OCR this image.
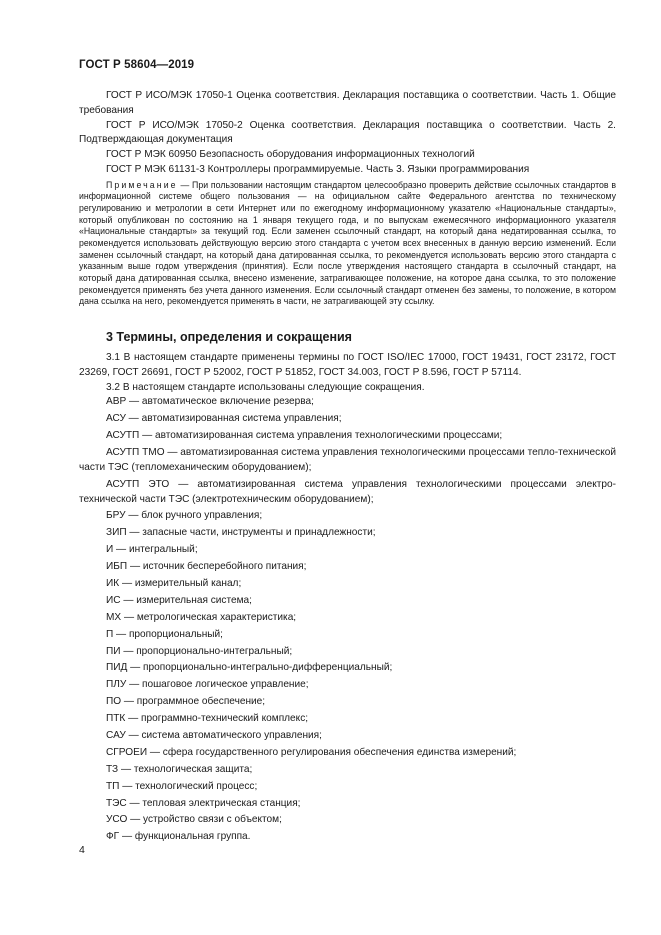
ГОСТ Р 58604—2019

ГОСТ Р ИСО/МЭК 17050-1 Оценка соответствия. Декларация поставщика о соответствии. Часть 1. Общие требования

ГОСТ Р ИСО/МЭК 17050-2 Оценка соответствия. Декларация поставщика о соответствии. Часть 2. Подтверждающая документация

ГОСТ Р МЭК 60950 Безопасность оборудования информационных технологий

ГОСТ Р МЭК 61131-3 Контроллеры программируемые. Часть 3. Языки программирования

Примечание — При пользовании настоящим стандартом целесообразно проверить действие ссылочных стандартов в информационной системе общего пользования — на официальном сайте Федерального агентства по техническому регулированию и метрологии в сети Интернет или по ежегодному информационному указателю «Национальные стандарты», который опубликован по состоянию на 1 января текущего года, и по выпускам ежемесячного информационного указателя «Национальные стандарты» за текущий год. Если заменен ссылочный стандарт, на который дана недатированная ссылка, то рекомендуется использовать действующую версию этого стандарта с учетом всех внесенных в данную версию изменений. Если заменен ссылочный стандарт, на который дана датированная ссылка, то рекомендуется использовать версию этого стандарта с указанным выше годом утверждения (принятия). Если после утверждения настоящего стандарта в ссылочный стандарт, на который дана датированная ссылка, внесено изменение, затрагивающее положение, на которое дана ссылка, то это положение рекомендуется применять без учета данного изменения. Если ссылочный стандарт отменен без замены, то положение, в котором дана ссылка на него, рекомендуется применять в части, не затрагивающей эту ссылку.

3 Термины, определения и сокращения

3.1 В настоящем стандарте применены термины по ГОСТ ISO/IEC 17000, ГОСТ 19431, ГОСТ 23172, ГОСТ 23269, ГОСТ 26691, ГОСТ Р 52002, ГОСТ Р 51852, ГОСТ 34.003, ГОСТ Р 8.596, ГОСТ Р 57114.

3.2 В настоящем стандарте использованы следующие сокращения.

АВР — автоматическое включение резерва;
АСУ — автоматизированная система управления;
АСУТП — автоматизированная система управления технологическими процессами;
АСУТП ТМО — автоматизированная система управления технологическими процессами тепло-технической части ТЭС (тепломеханическим оборудованием);
АСУТП ЭТО — автоматизированная система управления технологическими процессами электро-технической части ТЭС (электротехническим оборудованием);
БРУ — блок ручного управления;
ЗИП — запасные части, инструменты и принадлежности;
И — интегральный;
ИБП — источник бесперебойного питания;
ИК — измерительный канал;
ИС — измерительная система;
МХ — метрологическая характеристика;
П — пропорциональный;
ПИ — пропорционально-интегральный;
ПИД — пропорционально-интегрально-дифференциальный;
ПЛУ — пошаговое логическое управление;
ПО — программное обеспечение;
ПТК — программно-технический комплекс;
САУ — система автоматического управления;
СГРОЕИ — сфера государственного регулирования обеспечения единства измерений;
ТЗ — технологическая защита;
ТП — технологический процесс;
ТЭС — тепловая электрическая станция;
УСО — устройство связи с объектом;
ФГ — функциональная группа.
4
